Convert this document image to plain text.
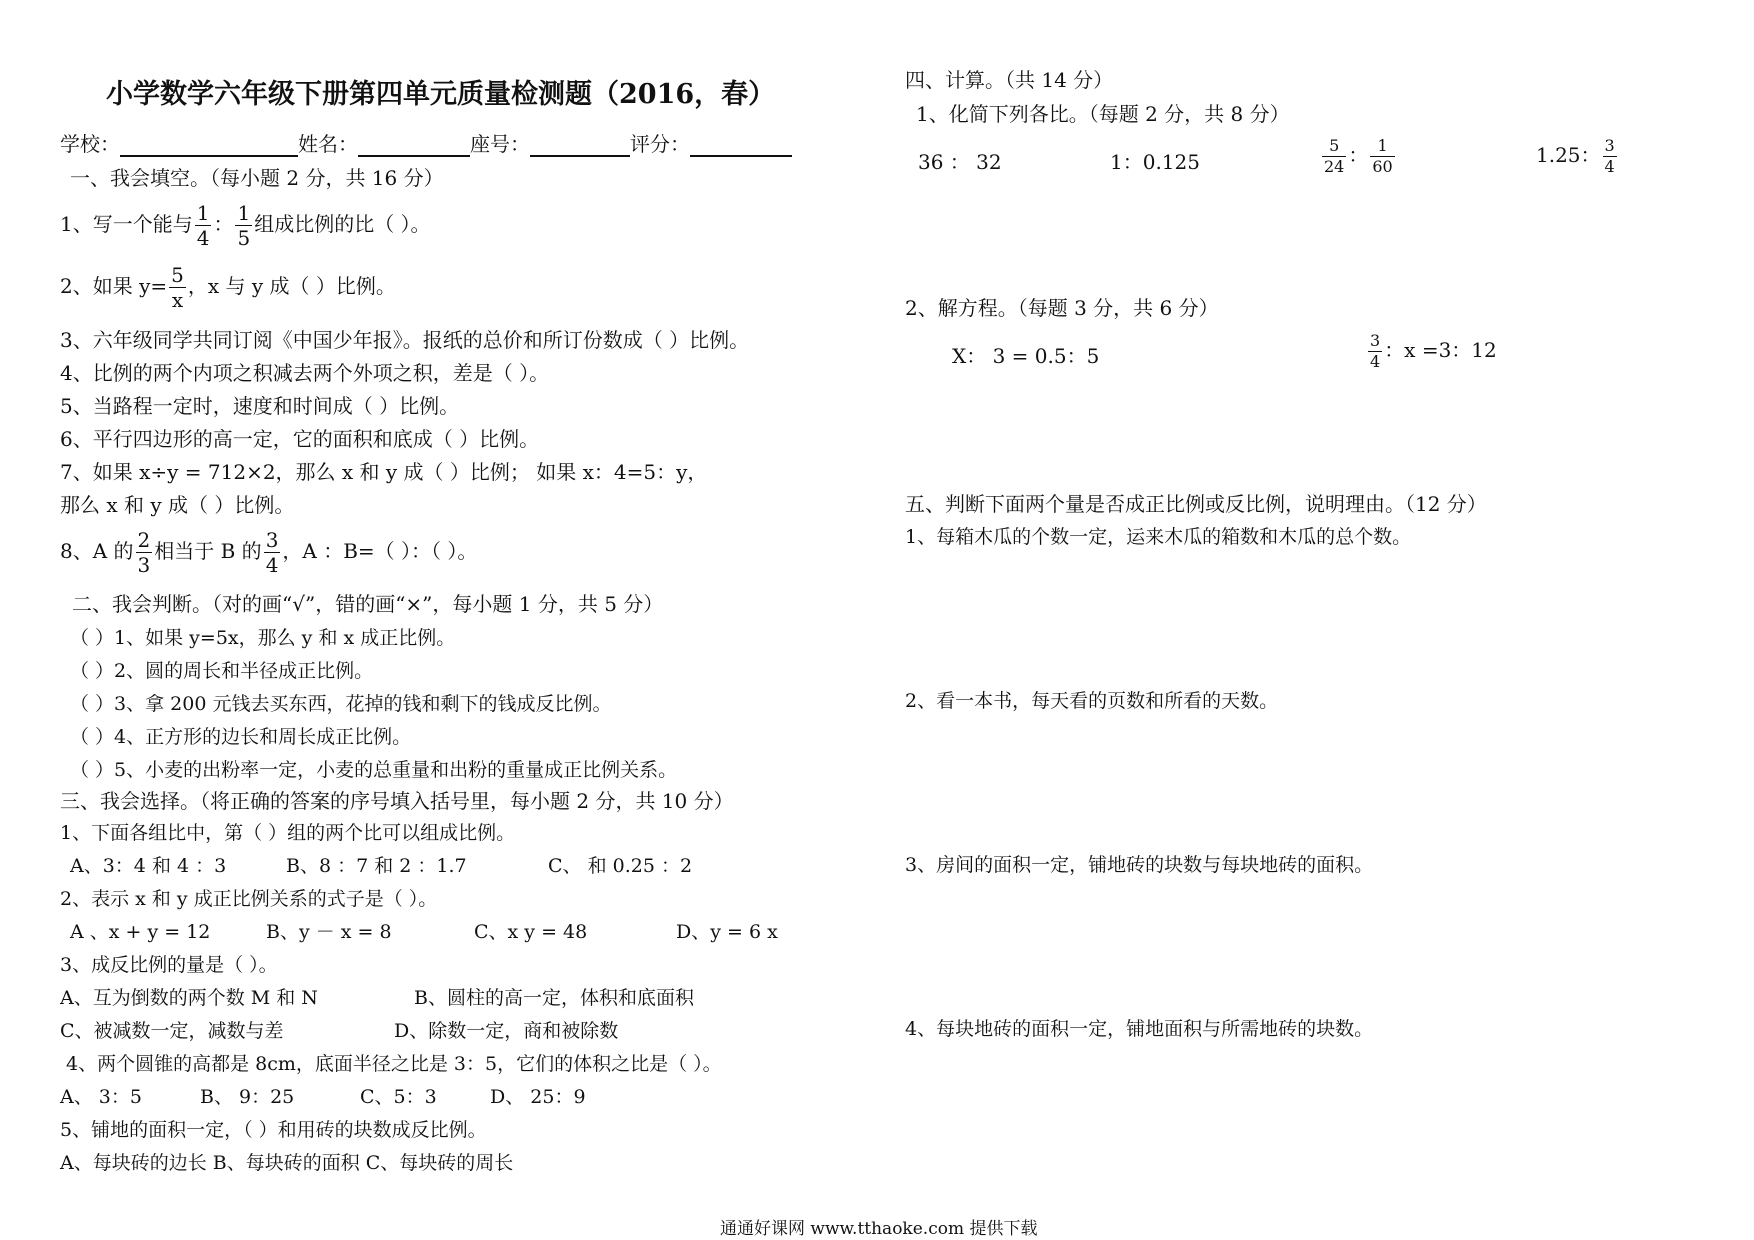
小学数学六年级下册第四单元质量检测题（2016，春）
学校：	姓名：	座号：	评分：
一、我会填空。（每小题 2 分，共 16 分）
1、写一个能与 $\frac{1}{4}$ ： $\frac{1}{5}$ 组成比例的比（ ）。
2、如果 $y= \frac{5}{x}$ ，x 与 y 成（ ）比例。
3、六年级同学共同订阅《中国少年报》。报纸的总价和所订份数成（ ）比例。
4、比例的两个内项之积减去两个外项之积，差是（ ）。
5、当路程一定时，速度和时间成（ ）比例。
6、平行四边形的高一定，它的面积和底成（ ）比例。
7、如果 x÷y = 712×2，那么 x 和 y 成（ ）比例； 如果 x：4=5：y，
那么 x 和 y 成（ ）比例。
8、A 的 $\frac{2}{3}$ 相当于 B 的 $\frac{3}{4}$ ，A ：B=（ ）：（ ）。
二、我会判断。（对的画“√”，错的画“×”，每小题 1 分，共 5 分）
（ ）1、如果 y=5x，那么 y 和 x 成正比例。
（ ）2、圆的周长和半径成正比例。
（ ）3、拿 200 元钱去买东西，花掉的钱和剩下的钱成反比例。
（ ）4、正方形的边长和周长成正比例。
（ ）5、小麦的出粉率一定，小麦的总重量和出粉的重量成正比例关系。
三、我会选择。（将正确的答案的序号填入括号里，每小题 2 分，共 10 分）
1、下面各组比中，第（ ）组的两个比可以组成比例。
A、3：4 和 4 ：3	B、8 ：7 和 2 ：1.7	C、 和 0.25 ：2
2、表示 x 和 y 成正比例关系的式子是（ ）。
A 、x + y = 12	B、y － x = 8	C、x y = 48	D、y = 6 x
3、成反比例的量是（ ）。
A、互为倒数的两个数 M 和 N	B、圆柱的高一定，体积和底面积
C、被减数一定，减数与差	D、除数一定，商和被除数
4、两个圆锥的高都是 8cm，底面半径之比是 3：5，它们的体积之比是（ ）。
A、 3：5	B、 9：25	C、5：3	D、 25：9
5、铺地的面积一定，（ ）和用砖的块数成反比例。
A、每块砖的边长 B、每块砖的面积 C、每块砖的周长
四、计算。（共 14 分）
1、化简下列各比。（每题 2 分，共 8 分）
36 ： 32	1：0.125	$\frac{5}{24}$ ： $\frac{1}{60}$	1.25： $\frac{3}{4}$
2、解方程。（每题 3 分，共 6 分）
X： 3 = 0.5：5	$\frac{3}{4}$ ：x =3：12
五、判断下面两个量是否成正比例或反比例，说明理由。（12 分）
1、每箱木瓜的个数一定，运来木瓜的箱数和木瓜的总个数。
2、看一本书，每天看的页数和所看的天数。
3、房间的面积一定，铺地砖的块数与每块地砖的面积。
4、每块地砖的面积一定，铺地面积与所需地砖的块数。
通通好课网 www.tthaoke.com 提供下载
